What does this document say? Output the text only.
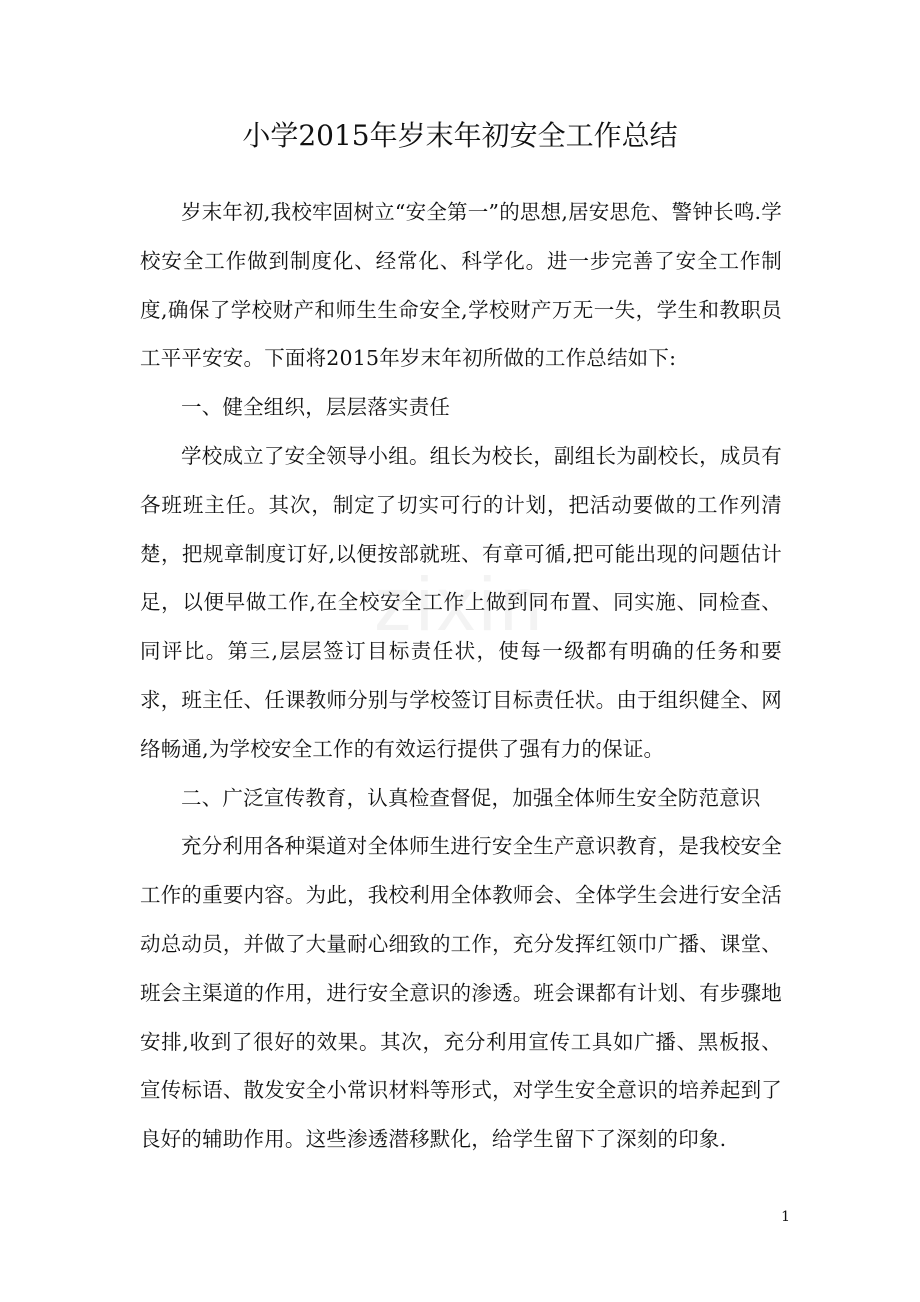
zixin
小学2015年岁末年初安全工作总结

岁末年初,我校牢固树立“安全第一”的思想,居安思危、警钟长鸣.学校安全工作做到制度化、经常化、科学化。进一步完善了安全工作制度,确保了学校财产和师生生命安全,学校财产万无一失，学生和教职员工平平安安。下面将2015年岁末年初所做的工作总结如下:

一、健全组织，层层落实责任

学校成立了安全领导小组。组长为校长，副组长为副校长，成员有各班班主任。其次，制定了切实可行的计划，把活动要做的工作列清楚，把规章制度订好,以便按部就班、有章可循,把可能出现的问题估计足，以便早做工作,在全校安全工作上做到同布置、同实施、同检查、同评比。第三,层层签订目标责任状，使每一级都有明确的任务和要求，班主任、任课教师分别与学校签订目标责任状。由于组织健全、网络畅通,为学校安全工作的有效运行提供了强有力的保证。

二、广泛宣传教育，认真检查督促，加强全体师生安全防范意识

充分利用各种渠道对全体师生进行安全生产意识教育，是我校安全工作的重要内容。为此，我校利用全体教师会、全体学生会进行安全活动总动员，并做了大量耐心细致的工作，充分发挥红领巾广播、课堂、班会主渠道的作用，进行安全意识的渗透。班会课都有计划、有步骤地安排,收到了很好的效果。其次，充分利用宣传工具如广播、黑板报、宣传标语、散发安全小常识材料等形式，对学生安全意识的培养起到了良好的辅助作用。这些渗透潜移默化，给学生留下了深刻的印象.

1
